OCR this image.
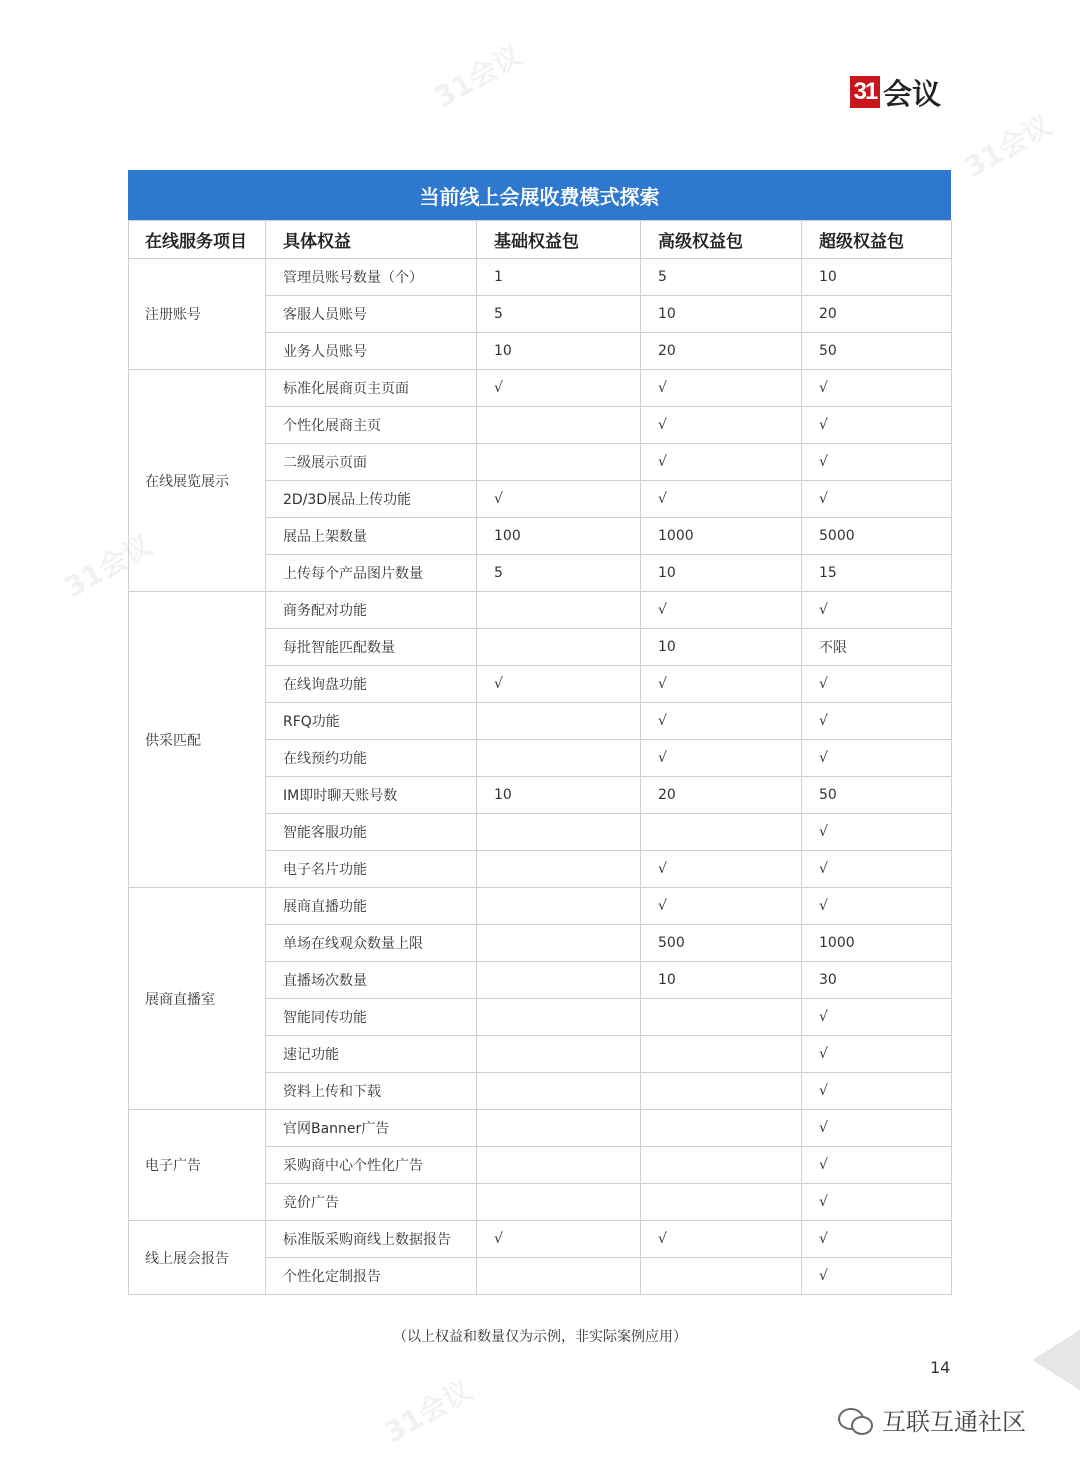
31 会议
当前线上会展收费模式探索
在线服务项目	具体权益	基础权益包	高级权益包	超级权益包
注册账号	管理员账号数量（个）	1	5	10
	客服人员账号	5	10	20
	业务人员账号	10	20	50
在线展览展示	标准化展商页主页面	√	√	√
	个性化展商主页		√	√
	二级展示页面		√	√
	2D/3D展品上传功能	√	√	√
	展品上架数量	100	1000	5000
	上传每个产品图片数量	5	10	15
供采匹配	商务配对功能		√	√
	每批智能匹配数量		10	不限
	在线询盘功能	√	√	√
	RFQ功能		√	√
	在线预约功能		√	√
	IM即时聊天账号数	10	20	50
	智能客服功能			√
	电子名片功能		√	√
展商直播室	展商直播功能		√	√
	单场在线观众数量上限		500	1000
	直播场次数量		10	30
	智能同传功能			√
	速记功能			√
	资料上传和下载			√
电子广告	官网Banner广告			√
	采购商中心个性化广告			√
	竞价广告			√
线上展会报告	标准版采购商线上数据报告	√	√	√
	个性化定制报告			√
（以上权益和数量仅为示例，非实际案例应用）
14
互联互通社区
31会议
31会议
31会议
31会议
